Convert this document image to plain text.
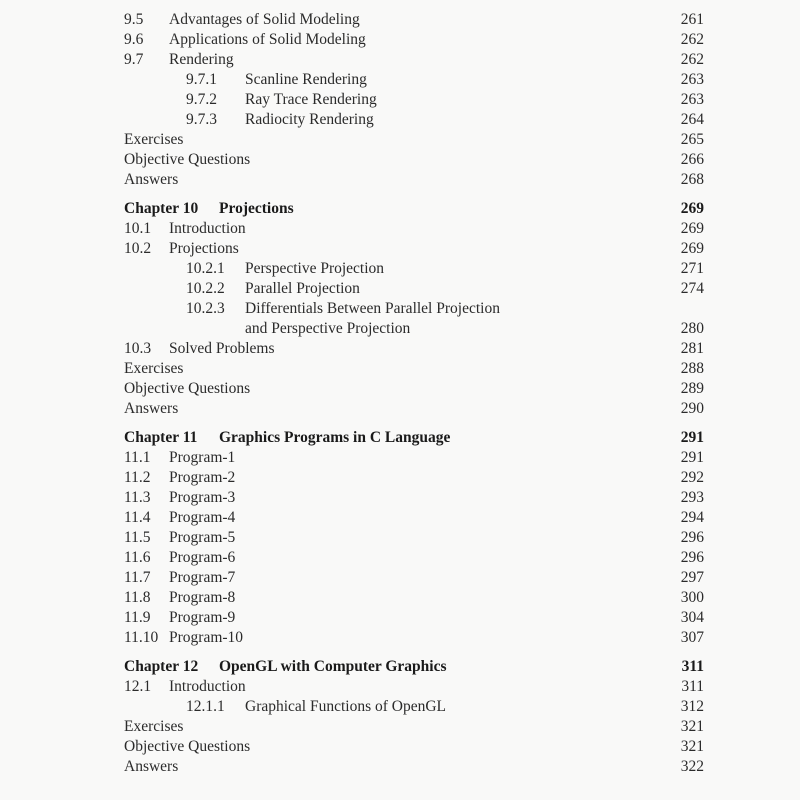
9.5 Advantages of Solid Modeling	261
9.6 Applications of Solid Modeling	262
9.7 Rendering	262
9.7.1 Scanline Rendering	263
9.7.2 Ray Trace Rendering	263
9.7.3 Radiocity Rendering	264
Exercises	265
Objective Questions	266
Answers	268
Chapter 10 Projections	269
10.1 Introduction	269
10.2 Projections	269
10.2.1 Perspective Projection	271
10.2.2 Parallel Projection	274
10.2.3 Differentials Between Parallel Projection
and Perspective Projection	280
10.3 Solved Problems	281
Exercises	288
Objective Questions	289
Answers	290
Chapter 11 Graphics Programs in C Language	291
11.1 Program-1	291
11.2 Program-2	292
11.3 Program-3	293
11.4 Program-4	294
11.5 Program-5	296
11.6 Program-6	296
11.7 Program-7	297
11.8 Program-8	300
11.9 Program-9	304
11.10 Program-10	307
Chapter 12 OpenGL with Computer Graphics	311
12.1 Introduction	311
12.1.1 Graphical Functions of OpenGL	312
Exercises	321
Objective Questions	321
Answers	322
